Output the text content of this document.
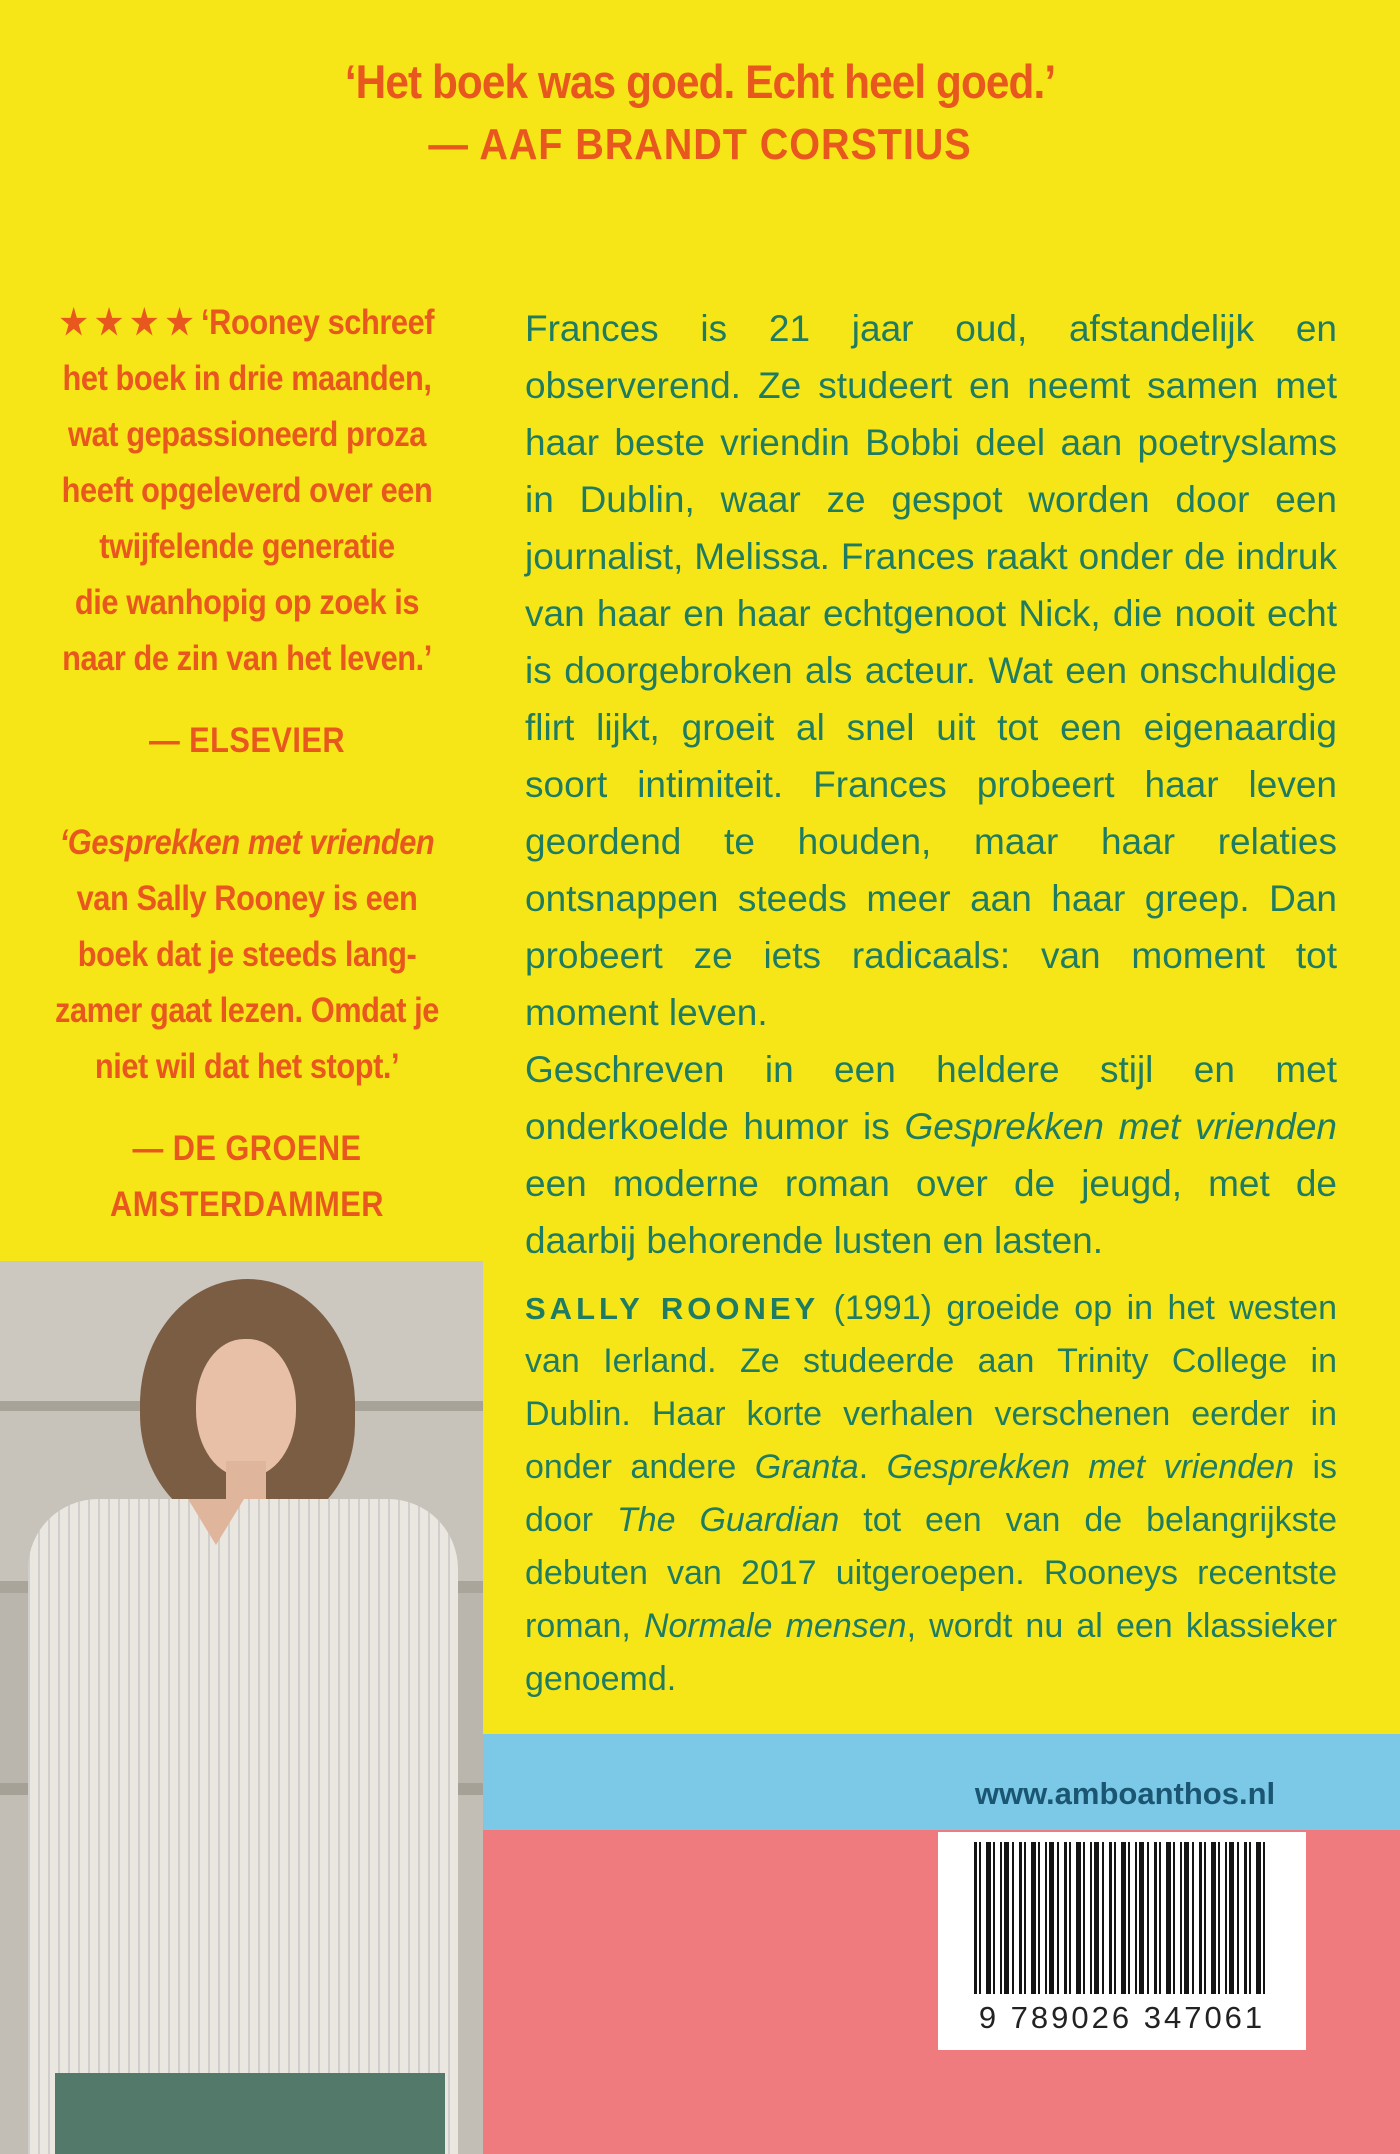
‘Het boek was goed. Echt heel goed.’
— AAF BRANDT CORSTIUS
★ ★ ★ ★ ‘Rooney schreef
het boek in drie maanden,
wat gepassioneerd proza
heeft opgeleverd over een
twijfelende generatie
die wanhopig op zoek is
naar de zin van het leven.’
— ELSEVIER
‘Gesprekken met vrienden
van Sally Rooney is een
boek dat je steeds lang-
zamer gaat lezen. Omdat je
niet wil dat het stopt.’
— DE GROENE AMSTERDAMMER

Frances is 21 jaar oud, afstandelijk en observerend. Ze studeert en neemt samen met haar beste vriendin Bobbi deel aan poetryslams in Dublin, waar ze gespot worden door een journalist, Melissa. Frances raakt onder de indruk van haar en haar echtgenoot Nick, die nooit echt is doorgebroken als acteur. Wat een onschuldige flirt lijkt, groeit al snel uit tot een eigenaardig soort intimiteit. Frances probeert haar leven geordend te houden, maar haar relaties ontsnappen steeds meer aan haar greep. Dan probeert ze iets radicaals: van moment tot moment leven.

Geschreven in een heldere stijl en met onderkoelde humor is Gesprekken met vrienden een moderne roman over de jeugd, met de daarbij behorende lusten en lasten.

SALLY ROONEY (1991) groeide op in het westen van Ierland. Ze studeerde aan Trinity College in Dublin. Haar korte verhalen verschenen eerder in onder andere Granta. Gesprekken met vrienden is door The Guardian tot een van de belangrijkste debuten van 2017 uitgeroepen. Rooneys recentste roman, Normale mensen, wordt nu al een klassieker genoemd.
www.amboanthos.nl
9 789026 347061
